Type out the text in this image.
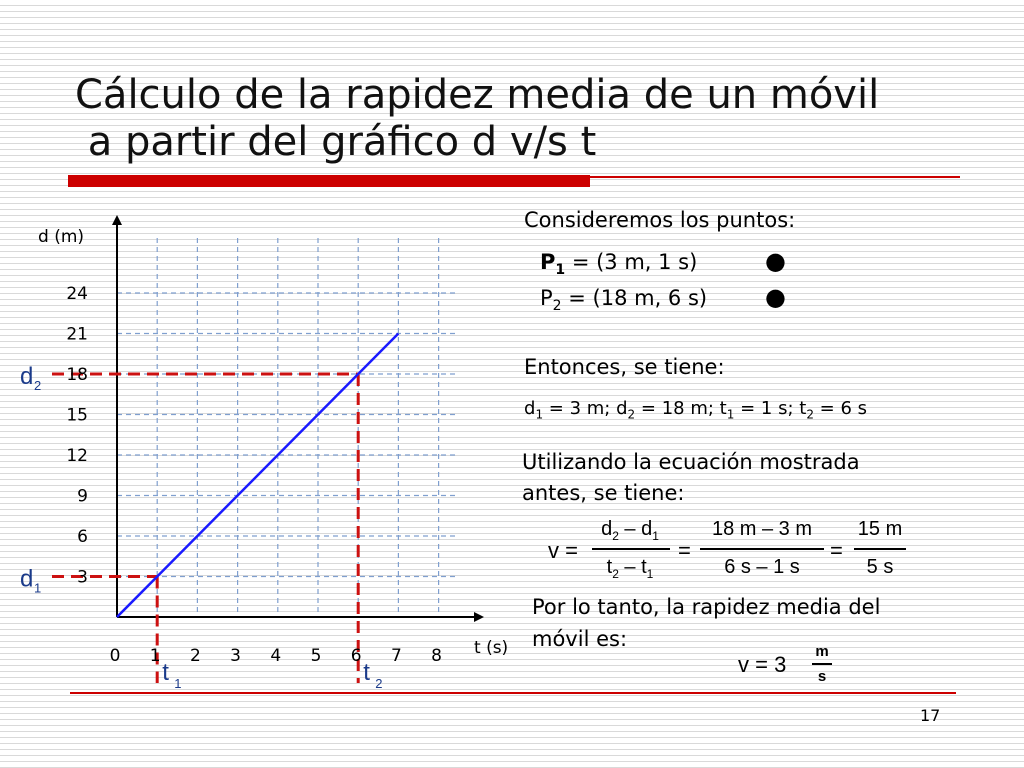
Cálculo de la rapidez media de un móvil
a partir del gráfico d v/s t
0 1 2 3 4 5 6 7 8
3
6
9
12
15
18
21
24
d (m)
t (s)
d 1
t 1
d 2
t 2
Consideremos los puntos:
$P_1 = (3$ m, 1 s)	●
$P_2 = (18$ m, 6 s) ●
Entonces, se tiene:
$d_1 = 3$ m; $d_2 = 18$ m; $t_1 = 1$ s; $t_2 = 6$ s
Utilizando la ecuación mostrada
antes, se tiene:
v =
$d_2 - d_1$
$t_2 - t_1$
=
18 m – 3 m
6 s – 1 s
=
15 m
5 s
Por lo tanto, la rapidez media del
móvil es:
v = 3
m
s
17
